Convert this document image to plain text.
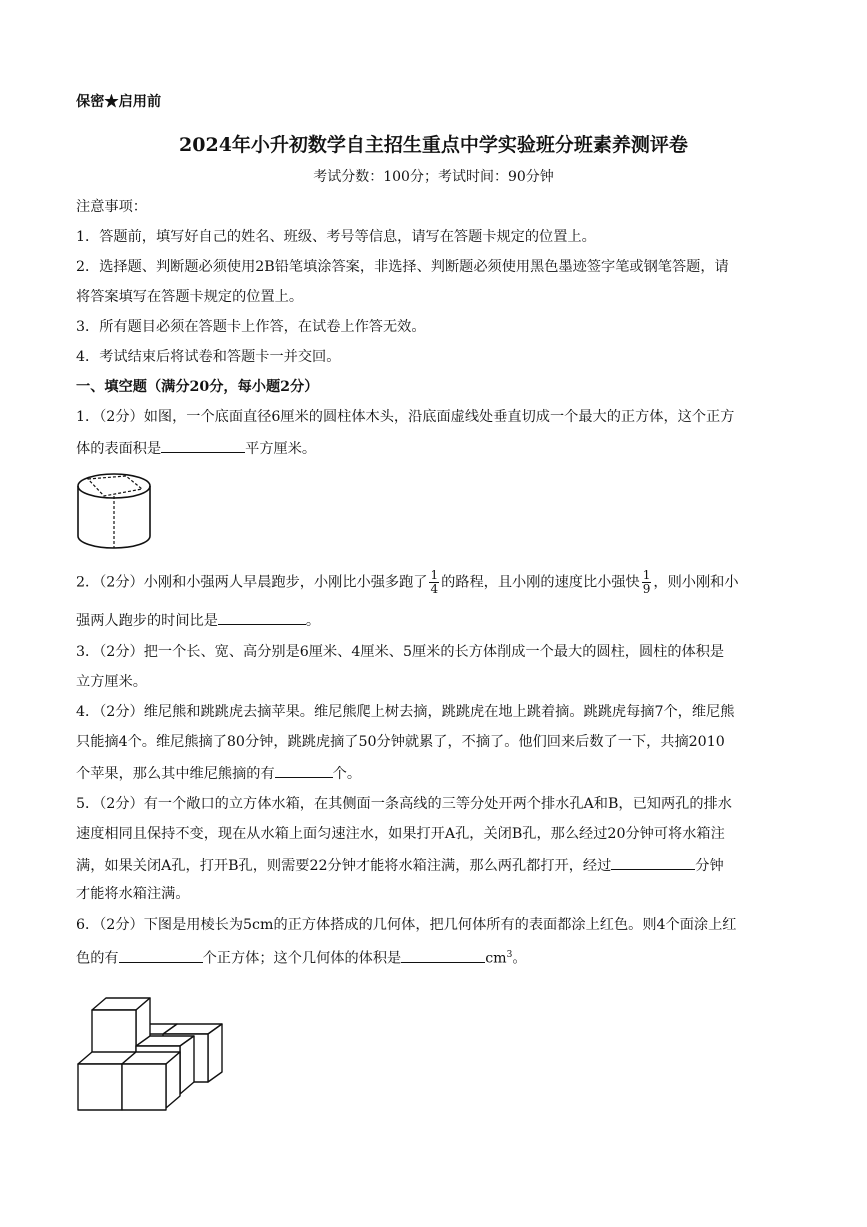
保密★启用前
2024年小升初数学自主招生重点中学实验班分班素养测评卷
考试分数：100分；考试时间：90分钟
注意事项：
1．答题前，填写好自己的姓名、班级、考号等信息，请写在答题卡规定的位置上。
2．选择题、判断题必须使用2B铅笔填涂答案，非选择、判断题必须使用黑色墨迹签字笔或钢笔答题，请
将答案填写在答题卡规定的位置上。
3．所有题目必须在答题卡上作答，在试卷上作答无效。
4．考试结束后将试卷和答题卡一并交回。
一、填空题（满分20分，每小题2分）
1．（2分）如图，一个底面直径6厘米的圆柱体木头，沿底面虚线处垂直切成一个最大的正方体，这个正方
体的表面积是	平方厘米。
2．（2分）小刚和小强两人早晨跑步，小刚比小强多跑了 $\frac{1}{4}$ 的路程，且小刚的速度比小强快 $\frac{1}{9}$ ，则小刚和小
强两人跑步的时间比是	。
3．（2分）把一个长、宽、高分别是6厘米、4厘米、5厘米的长方体削成一个最大的圆柱，圆柱的体积是
立方厘米。
4．（2分）维尼熊和跳跳虎去摘苹果。维尼熊爬上树去摘，跳跳虎在地上跳着摘。跳跳虎每摘7个，维尼熊
只能摘4个。维尼熊摘了80分钟，跳跳虎摘了50分钟就累了，不摘了。他们回来后数了一下，共摘2010
个苹果，那么其中维尼熊摘的有	个。
5．（2分）有一个敞口的立方体水箱，在其侧面一条高线的三等分处开两个排水孔A和B，已知两孔的排水
速度相同且保持不变，现在从水箱上面匀速注水，如果打开A孔，关闭B孔，那么经过20分钟可将水箱注
满，如果关闭A孔，打开B孔，则需要22分钟才能将水箱注满，那么两孔都打开，经过	分钟
才能将水箱注满。
6．（2分）下图是用棱长为5cm的正方体搭成的几何体，把几何体所有的表面都涂上红色。则4个面涂上红
色的有	个正方体；这个几何体的体积是	$cm^3$。
